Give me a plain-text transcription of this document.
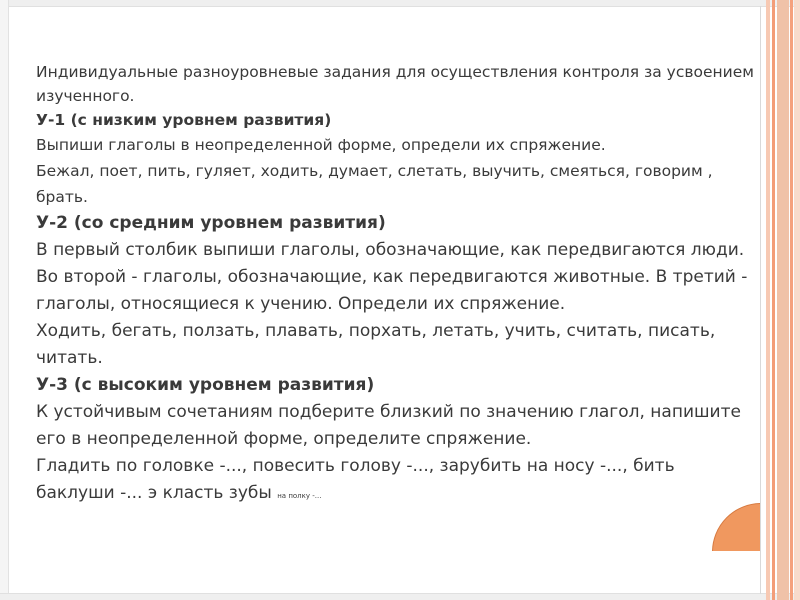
Индивидуальные разноуровневые задания для осуществления контроля за усвоением изученного.

У-1 (с низким уровнем развития)

Выпиши глаголы в неопределенной форме, определи их спряжение.

Бежал, поет, пить, гуляет, ходить, думает, слетать, выучить, смеяться, говорим , брать.

У-2 (со средним уровнем развития)

В первый столбик выпиши глаголы, обозначающие, как передвигаются люди. Во второй - глаголы, обозначающие, как передвигаются животные. В третий - глаголы, относящиеся к учению. Определи их спряжение.

Ходить, бегать, ползать, плавать, порхать, летать, учить, считать, писать, читать.

У-3 (с высоким уровнем развития)

К устойчивым сочетаниям подберите близкий по значению глагол, напишите его в неопределенной форме, определите спряжение.

Гладить по головке -..., повесить голову -..., зарубить на носу -..., бить баклуши -... э класть зубы на полку -...
